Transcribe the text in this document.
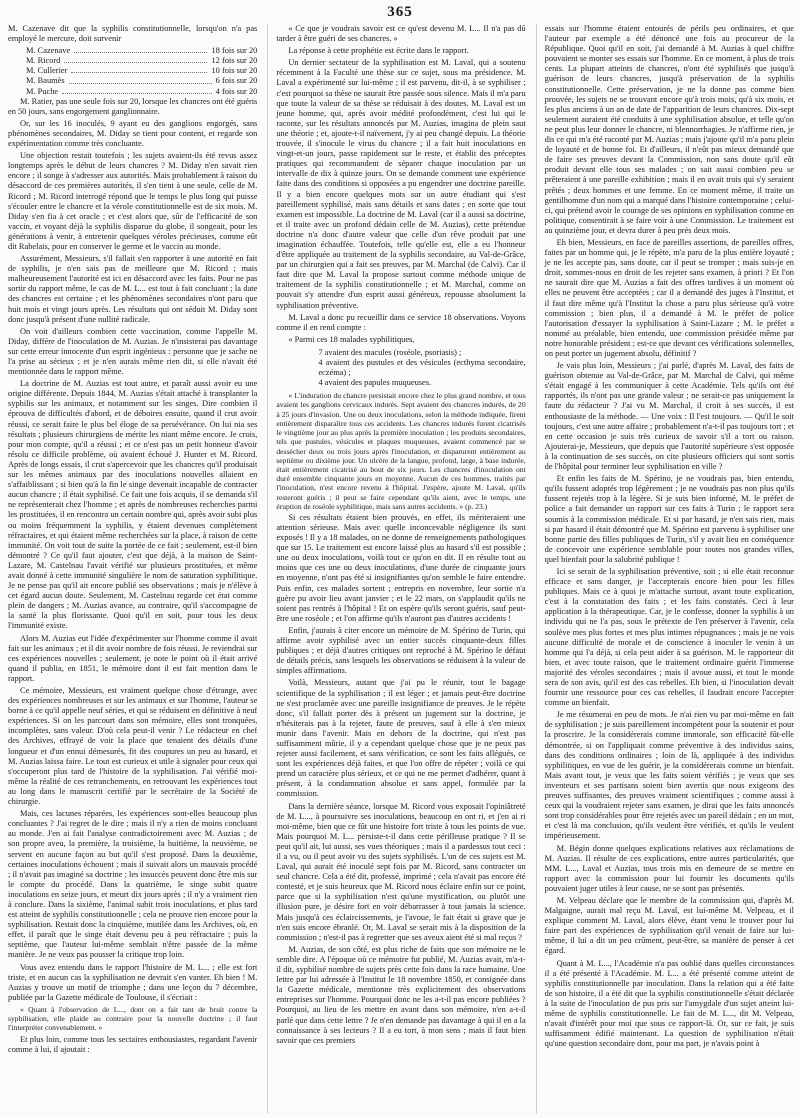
365

M. Cazenave dit que la syphilis constitutionnelle, lorsqu'on n'a pas employé le mercure, doit survenir

M. Cazenave	18 fois sur 20
M. Ricord	12 fois sur 20
M. Cullerier	10 fois sur 20
M. Baumès	6 fois sur 20
M. Puche	4 fois sur 20

M. Ratier, pas une seule fois sur 20, lorsque les chancres ont été guéris en 50 jours, sans engorgement ganglionnaire.

Or, sur les 16 inoculés, 9 ayant eu des ganglions engorgés, sans phénomènes secondaires, M. Diday se tient pour content, et regarde son expérimentation comme très concluante.

Une objection restait toutefois ; les sujets avaient-ils été revus assez longtemps après le début de leurs chancres ? M. Diday n'en savait rien encore ; il songe à s'adresser aux autorités. Mais probablement à raison du désaccord de ces premières autorités, il s'en tient à une seule, celle de M. Ricord ; M. Ricord interrogé répond que le temps le plus long qui puisse s'écouler entre le chancre et la vérole constitutionnelle est de six mois. M. Diday s'en fia à cet oracle ; et c'est alors que, sûr de l'efficacité de son vaccin, et voyant déjà la syphilis disparue du globe, il songeait, pour les générations à venir, à entretenir quelques véroles précieuses, comme eût dit Rabelais, pour en conserver le germe et le vaccin au monde.

Assurément, Messieurs, s'il fallait s'en rapporter à une autorité en fait de syphilis, je n'en sais pas de meilleure que M. Ricord ; mais malheureusement l'autorité est ici en désaccord avec les faits. Pour ne pas sortir du rapport même, le cas de M. L... est tout à fait concluant ; la date des chancres est certaine ; et les phénomènes secondaires n'ont paru que huit mois et vingt jours après. Les résultats qui ont séduit M. Diday sont donc jusqu'à présent d'une nullité radicale.

On voit d'ailleurs combien cette vaccination, comme l'appelle M. Diday, différe de l'inoculation de M. Auzias. Je n'insisterai pas davantage sur cette erreur innocente d'un esprit ingénieux : personne que je sache ne l'a prise au sérieux ; et je n'en aurais même rien dit, si elle n'avait été mentionnée dans le rapport même.

La doctrine de M. Auzias est tout autre, et paraît aussi avoir eu une origine différente. Depuis 1844, M. Auzias s'était attaché à transplanter la syphilis sur les animaux, et notamment sur les singes. Dire combien il éprouva de difficultés d'abord, et de déboires ensuite, quand il crut avoir réussi, ce serait faire le plus bel éloge de sa persévérance. On lui nia ses résultats ; plusieurs chirurgiens de mérite les niant même encore. Je crois, pour mon compte, qu'il a réussi ; et ce n'est pas un petit honneur d'avoir résolu ce difficile problème, où avaient échoué J. Hunter et M. Ricord. Après de longs essais, il crut s'apercevoir que les chancres qu'il produisait sur les mêmes animaux par des inoculations nouvelles allaient en s'affaiblissant ; si bien qu'à la fin le singe devenait incapable de contracter aucun chancre ; il était syphilisé. Ce fait une fois acquis, il se demanda s'il ne représenterait chez l'homme ; et après de nombreuses recherches parmi les prostituées, il en rencontra un certain nombre qui, après avoir subi plus ou moins fréquemment la syphilis, y étaient devenues complètement réfractaires, et qui étaient même recherchées sur la place, à raison de cette immunité. On voit tout de suite la portée de ce fait ; seulement, est-il bien démontré ? Ce qu'il faut ajouter, c'est que déjà, à la maison de Saint-Lazare, M. Castelnau l'avait vérifié sur plusieurs prostituées, et même avait donné à cette immunité singulière le nom de saturation syphilitique. Je ne pense pas qu'il ait encore publié ses observations ; mais je n'élève à cet égard aucun doute. Seulement, M. Castelnau regarde cet état comme plein de dangers ; M. Auzias avance, au contraire, qu'il s'accompagne de la santé la plus florissante. Quoi qu'il en soit, pour tous les deux l'immunité existe.

Alors M. Auzias eut l'idée d'expérimenter sur l'homme comme il avait fait sur les animaux ; et il dit avoir nombre de fois réussi. Je reviendrai sur ces expériences nouvelles ; seulement, je note le point où il était arrivé quand il publia, en 1851, le mémoire dont il est fait mention dans le rapport.

Ce mémoire, Messieurs, est vraiment quelque chose d'étrange, avec des expériences nombreuses et sur les animaux et sur l'homme, l'auteur se borne à ce qu'il appelle neuf séries, et qui se réduisent en définitive à neuf expériences. Si on les parcourt dans son mémoire, elles sont tronquées, incomplètes, sans valeur. D'où cela peut-il venir ? Le rédacteur en chef des Archives, effrayé de voir la place que tenaient des détails d'une longueur et d'un ennui démesurés, fit des coupures un peu au hasard, et M. Auzias laissa faire. Le tout est curieux et utile à signaler pour ceux qui s'occuperont plus tard de l'histoire de la syphilisation. J'ai vérifié moi-même la réalité de ces retranchements, en retrouvant les expériences tout au long dans le manuscrit certifié par le secrétaire de la Société de chirurgie.

Mais, ces lacunes réparées, les expériences sont-elles beaucoup plus concluantes ? J'ai regret de le dire ; mais il n'y a rien de moins concluant au monde. J'en ai fait l'analyse contradictoirement avec M. Auzias ; de son propre aveu, la première, la troisième, la huitième, la neuvième, ne servent en aucune façon au but qu'il s'est proposé. Dans la deuxième, certaines inoculations échouent ; mais il suivait alors un mauvais procédé ; il n'avait pas imaginé sa doctrine ; les insuccès peuvent donc être mis sur le compte du procédé. Dans la quatrième, le singe subit quatre inoculations en seize jours, et meurt dix jours après ; il n'y a vraiment rien à conclure. Dans la sixième, l'animal subit trois inoculations, et plus tard est atteint de syphilis constitutionnelle ; cela ne prouve rien encore pour la syphilisation. Restait donc la cinquième, mutilée dans les Archives, où, en effet, il paraît que le singe était devenu peu à peu réfractaire ; puis la septième, que l'auteur lui-même semblait n'être passée de la même manière. Je ne veux pas pousser la critique trop loin.

Vous avez entendu dans le rapport l'histoire de M. L... ; elle est fort triste, et en aucun cas la syphilisation ne devrait s'en vanter. Eh bien ! M. Auzias y trouve un motif de triomphe ; dans une leçon du 7 décembre, publiée par la Gazette médicale de Toulouse, il s'écriait :

« Quant à l'observation de L..., dont on a fait tant de bruit contre la syphilisation, elle plaide au contraire pour la nouvelle doctrine ; il faut l'interpréter convenablement. »

Et plus loin, comme tous les sectaires enthousiastes, regardant l'avenir comme à lui, il ajoutait :

« Ce que je voudrais savoir est ce qu'est devenu M. L... Il n'a pas dû tarder à être guéri de ses chancres. »

La réponse à cette prophétie est écrite dans le rapport.

Un dernier sectateur de la syphilisation est M. Laval, qui a soutenu récemment à la Faculté une thèse sur ce sujet, sous ma présidence. M. Laval a expérimenté sur lui-même ; il est parvenu, dit-il, à se syphiliser ; c'est pourquoi sa thèse ne saurait être passée sous silence. Mais il m'a paru que toute la valeur de sa thèse se réduisait à des doutes. M. Laval est un jeune homme, qui, après avoir médité profondément, c'est lui qui le raconte, sur les résultats annoncés par M. Auzias, imagina de plein saut une théorie ; et, ajoute-t-il naïvement, j'y ai peu changé depuis. La théorie trouvée, il s'inocule le virus du chancre ; il a fait huit inoculations en vingt-et-un jours, passe rapidement sur le reste, et établit des préceptes pratiques qui recommandent de séparer chaque inoculation par un intervalle de dix à quinze jours. On se demande comment une expérience faite dans des conditions si opposées a pu engendrer une doctrine pareille. Il y a bien encore quelques mots sur un autre étudiant qui s'est pareillement syphilisé, mais sans détails et sans dates ; en sorte que tout examen est impossible. La doctrine de M. Laval (car il a aussi sa doctrine, et il traite avec un profond dédain celle de M. Auzias), cette prétendue doctrine n'a donc d'autre valeur que celle d'un rêve produit par une imagination échauffée. Toutefois, telle qu'elle est, elle a eu l'honneur d'être appliquée au traitement de la syphilis secondaire, au Val-de-Grâce, par un chirurgien qui a fait ses preuves, par M. Marchal (de Calvi). Car il faut dire que M. Laval la propose surtout comme méthode unique de traitement de la syphilis constitutionnelle ; et M. Marchal, comme on pouvait s'y attendre d'un esprit aussi généreux, repousse absolument la syphilisation préventive.

M. Laval a donc pu recueillir dans ce service 18 observations. Voyons comme il en rend compte :

« Parmi ces 18 malades syphilitiques,

7 avaient des macules (roséole, psoriasis) ;
4 avaient des pustules et des vésicules (ecthyma secondaire, eczéma) ;
4 avaient des papules muqueuses.

« L'induration du chancre persistait encore chez le plus grand nombre, et tous avaient les ganglions cervicaux indurés. Sept avaient des chancres indurés, de 20 à 25 jours d'invasion. Une ou deux inoculations, selon la méthode indiquée, firent entièrement disparaître tous ces accidents. Les chancres indurés furent cicatrisés le vingtième jour au plus après la première inoculation ; les produits secondaires, tels que pustules, vésicules et plaques muqueuses, avaient commencé par se dessécher deux ou trois jours après l'inoculation, et disparurent entièrement au septième ou dixième jour. Un ulcère de la langue, profond, large, à base indurée, était entièrement cicatrisé au bout de six jours. Les chancres d'inoculation ont duré ensemble cinquante jours en moyenne. Aucun de ces hommes, traités par l'inoculation, n'est encore revenu à l'hôpital. J'espère, ajoute M. Laval, qu'ils resteront guéris ; il peut se faire cependant qu'ils aient, avec le temps, une éruption de roséole syphilitique, mais sans autres accidents. » (p. 23.)

Si ces résultats étaient bien prouvés, en effet, ils mériteraient une attention sérieuse. Mais avec quelle inconcevable négligence ils sont exposés ! Il y a 18 malades, on ne donne de renseignements pathologiques que sur 15. Le traitement est encore laissé plus au hasard s'il est possible ; une ou deux inoculations, voilà tout ce qu'on en dit. Il en résulte tout au moins que ces une ou deux inoculations, d'une durée de cinquante jours en moyenne, n'ont pas été si insignifiantes qu'on semble le faire entendre. Puis enfin, ces malades sortent ; entrepris en novembre, leur sortie n'a guère pu avoir lieu avant janvier ; et le 22 mars, on s'applaudit qu'ils ne soient pas rentrés à l'hôpital ! Et on espère qu'ils seront guéris, sauf peut-être une roséole ; et l'on affirme qu'ils n'auront pas d'autres accidents !

Enfin, j'aurais à citer encore un mémoire de M. Spérino de Turin, qui affirme avoir syphilisé avec un entier succès cinquante-deux filles publiques ; et déjà d'autres critiques ont reproché à M. Spérino le défaut de détails précis, sans lesquels les observations se réduisent à la valeur de simples affirmations.

Voilà, Messieurs, autant que j'ai pu le réunir, tout le bagage scientifique de la syphilisation ; il est léger ; et jamais peut-être doctrine ne s'est proclamée avec une pareille insignifiance de preuves. Je le répète donc, s'il fallait porter dès à présent un jugement sur la doctrine, je n'hésiterais pas à la rejeter, faute de preuves, sauf à elle à s'en mieux munir dans l'avenir. Mais en dehors de la doctrine, qui n'est pas suffisamment mûrie, il y a cependant quelque chose que je ne peux pas rejeter aussi facilement, et sans vérification, ce sont les faits allégués, ce sont les expériences déjà faites, et que l'on offre de répéter ; voilà ce qui prend un caractère plus sérieux, et ce qui ne me permet d'adhérer, quant à présent, à la condamnation absolue et sans appel, formulée par la commission.

Dans la dernière séance, lorsque M. Ricord vous exposait l'opiniâtreté de M. L..., à poursuivre ses inoculations, beaucoup en ont ri, et j'en ai ri moi-même, bien que ce fût une histoire fort triste à tous les points de vue. Mais pourquoi M. L... persiste-t-il dans cette périlleuse pratique ? Il se peut qu'il ait, lui aussi, ses vues théoriques ; mais il a pardessus tout ceci : il a vu, ou il peut avoir vu des sujets syphilisés. L'un de ces sujets est M. Laval, qui aurait été inoculé sept fois par M. Ricord, sans contracter un seul chancre. Cela a été dit, professé, imprimé ; cela n'avait pas encore été contesté, et je suis heureux que M. Ricord nous éclaire enfin sur ce point, parce que si la syphilisation n'est qu'une mystification, ou plutôt une illusion pure, je désire fort en voir débarrasser à tout jamais la science. Mais jusqu'à ces éclaircissements, je l'avoue, le fait était si grave que je n'en suis encore ébranlé. Or, M. Laval se serait mis à la disposition de la commission ; n'est-il pas à regretter que ses aveux aient été si mal reçus ?

M. Auzias, de son côté, est plus riche de faits que son mémoire ne le semble dire. A l'époque où ce mémoire fut publié, M. Auzias avait, m'a-t-il dit, syphilisé nombre de sujets près cette fois dans la race humaine. Une lettre par lui adressée à l'Institut le 18 novembre 1850, et consignée dans la Gazette médicale, mentionne très explicitement des observations entreprises sur l'homme. Pourquoi donc ne les a-t-il pas encore publiées ? Pourquoi, au lieu de les mettre en avant dans son mémoire, n'en a-t-il parlé que dans cette lettre ? Je n'en demande pas davantage à qui il en a la connaissance à ses lecteurs ? Il a eu tort, à mon sens ; mais il faut bien savoir que ces premiers

essais sur l'homme étaient entourés de périls peu ordinaires, et que l'auteur par exemple a été dénoncé une fois au procureur de la République. Quoi qu'il en soit, j'ai demandé à M. Auzias à quel chiffre pouvaient se monter ses essais sur l'homme. En ce moment, à plus de trois cents. La plupart atteints de chancres, n'ont été syphilisés que jusqu'à guérison de leurs chancres, jusqu'à préservation de la syphilis constitutionnelle. Cette préservation, je ne la donne pas comme bien prouvée, les sujets ne se trouvant encore qu'à trois mois, qu'à six mois, et les plus anciens à un an de date de l'apparition de leurs chancres. Dix-sept seulement auraient été conduits à une syphilisation absolue, et telle qu'on ne peut plus leur donner le chancre, ni blennorrhagies. Je n'affirme rien, je dis ce qui m'a été raconté par M. Auzias ; mais j'ajoute qu'il m'a paru plein de loyauté et de bonne foi. Et d'ailleurs, il n'eût pas mieux demandé que de faire ses preuves devant la Commission, non sans doute qu'il eût produit devant elle tous ses malades ; on sait aussi combien peu se prêteraient à une pareille exhibition ; mais il en avait trois qui s'y seraient prêtés ; deux hommes et une femme. En ce moment même, il traite un gentilhomme d'un nom qui a marqué dans l'histoire contemporaine ; celui-ci, qui prétend avoir le courage de ses opinions en syphilisation comme en politique, consentirait à se faire voir à une Commission. Le traitement est au quinzième jour, et devra durer à peu près deux mois.

Eh bien, Messieurs, en face de pareilles assertions, de pareilles offres, faites par un homme qui, je le répète, m'a paru de la plus entière loyauté ; je ne les accepte pas, sans doute, car il peut se tromper ; mais suis-je en droit, sommes-nous en droit de les rejeter sans examen, à priori ? Et l'on ne saurait dire que M. Auzias a fait des offres tardives à un moment où elles ne peuvent être acceptées ; car il a demandé des juges à l'Institut, et il faut dire même qu'à l'Institut la chose a paru plus sérieuse qu'à votre commission ; bien plus, il a demandé à M. le préfet de police l'autorisation d'essayer la syphilisation à Saint-Lazare ; M. le préfet a nommé au préalable, bien entendu, une commission présidée même par notre honorable président ; est-ce que devant ces vérifications solennelles, on peut porter un jugement absolu, définitif ?

Je vais plus loin, Messieurs ; j'ai parlé, d'après M. Laval, des faits de guérison obtenue au Val-de-Grâce, par M. Marchal de Calvi, qui même s'était engagé à les communiquer à cette Académie. Tels qu'ils ont été rapportés, ils n'ont pas une grande valeur ; ne serait-ce pas uniquement la faute du rédacteur ? J'ai vu M. Marchal, il croit à ses succès, il est enthousiaste de la méthode. — Une voix : Il l'est toujours. — Qu'il le soit toujours, c'est une autre affaire ; probablement n'a-t-il pas toujours tort ; et en cette occasion je suis très curieux de savoir s'il a tort ou raison. Ajouterai-je, Messieurs, que depuis que l'autorité supérieure s'est opposée à la continuation de ses succès, on cite plusieurs officiers qui sont sortis de l'hôpital pour terminer leur syphilisation en ville ?

Et enfin les faits de M. Spérino, je ne voudrais pas, bien entendu, qu'ils fussent adoptés trop légèrement ; je ne voudrais pas non plus qu'ils fussent rejetés trop à la légère. Si je suis bien informé, M. le préfet de police a fait demander un rapport sur ces faits à Turin ; le rapport sera soumis à la commission médicale. Et si par hasard, je n'en sais rien, mais si par hasard il était démontré que M. Spérino est parvenu à syphiliser une bonne partie des filles publiques de Turin, s'il y avait lieu en conséquence de concevoir une expérience semblable pour toutes nos grandes villes, quel bienfait pour la salubrité publique !

Ici se serait de la syphilisation préventive, soit ; si elle était reconnue efficace et sans danger, je l'accepterais encore bien pour les filles publiques. Mais ce à quoi je m'attache surtout, avant toute explication, c'est à la constatation des faits ; et les faits constatés. Ceci à leur application à la thérapeutique. Car, je le confesse, donner la syphilis à un individu qui ne l'a pas, sous le prétexte de l'en préserver à l'avenir, cela soulève mes plus fortes et mes plus intimes répugnances ; mais je ne vois aucune difficulté de morale et de conscience à inoculer le venin à un homme qui l'a déjà, si cela peut aider à sa guérison. M. le rapporteur dit bien, et avec toute raison, que le traitement ordinaire guérit l'immense majorité des véroles secondaires ; mais il avoue aussi, et tout le monde sera de son avis, qu'il est des cas rebelles. Eh bien, si l'inoculation devait fournir une ressource pour ces cas rebelles, il faudrait encore l'accepter comme un bienfait.

Je me résumerai en peu de mots. Je n'ai rien vu par moi-même en fait de syphilisation ; je suis pareillement incompétent pour la soutenir et pour la proscrire. Je la considérerais comme immorale, son efficacité fût-elle démontrée, si on l'appliquait comme préventive à des individus sains, dans des conditions ordinaires ; loin de là, appliquée à des individus syphilitiques, en vue de les guérir, je la considérerais comme un bienfait. Mais avant tout, je veux que les faits soient vérifiés ; je veux que ses inventeurs et ses partisans soient bien avertis que nous exigeons des preuves suffisantes, des preuves vraiment scientifiques ; comme aussi à ceux qui la voudraient rejeter sans examen, je dirai que les faits annoncés sont trop considérables pour être rejetés avec un pareil dédain ; en un mot, et c'est là ma conclusion, qu'ils veulent être vérifiés, et qu'ils le veulent impérieusement.

M. Bégin donne quelques explications relatives aux réclamations de M. Auzias. Il résulte de ces explications, entre autres particularités, que MM. L..., Laval et Auzias, tous trois mis en demeure de se mettre en rapport avec la commission pour lui fournir les documents qu'ils pouvaient juger utiles à leur cause, ne se sont pas présentés.

M. Velpeau déclare que le membre de la commission qui, d'après M. Malgaigne, aurait mal reçu M. Laval, est lui-même M. Velpeau, et il explique comment M. Laval, alors élève, étant venu le trouver pour lui faire part des expériences de syphilisation qu'il venait de faire sur lui-même, il lui a dit un peu crûment, peut-être, sa manière de penser à cet égard.

Quant à M. L..., l'Académie n'a pas oublié dans quelles circonstances il a été présenté à l'Académie. M. L... a été présenté comme atteint de syphilis constitutionnelle par inoculation. Dans la relation qui a été faite de son histoire, il a été dit que la syphilis constitutionnelle s'était déclarée à la suite de l'inoculation de pus pris sur l'amygdale d'un sujet atteint lui-même de syphilis constitutionnelle. Le fait de M. L..., dit M. Velpeau, n'avait d'intérêt pour moi que sous ce rapport-là. Or, sur ce fait, je suis suffisamment édifié maintenant. La question de syphilisation n'était qu'une question secondaire dont, pour ma part, je n'avais point à
